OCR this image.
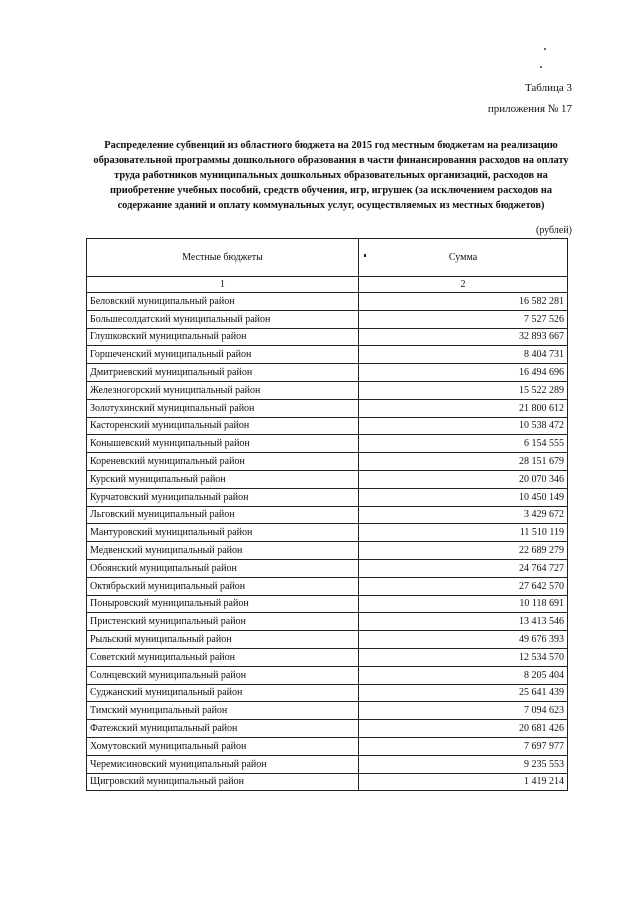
Таблица 3
приложения № 17
Распределение субвенций из областного бюджета на 2015 год местным бюджетам на реализацию образовательной программы дошкольного образования в части финансирования расходов на оплату труда работников муниципальных дошкольных образовательных организаций, расходов на приобретение учебных пособий, средств обучения, игр, игрушек (за исключением расходов на содержание зданий и оплату коммунальных услуг, осуществляемых из местных бюджетов)
(рублей)
Местные бюджеты	Сумма
1	2
Беловский муниципальный район	16 582 281
Большесолдатский муниципальный район	7 527 526
Глушковский муниципальный район	32 893 667
Горшеченский муниципальный район	8 404 731
Дмитриевский муниципальный район	16 494 696
Железногорский муниципальный район	15 522 289
Золотухинский муниципальный район	21 800 612
Касторенский муниципальный район	10 538 472
Конышевский муниципальный район	6 154 555
Кореневский муниципальный район	28 151 679
Курский муниципальный район	20 070 346
Курчатовский муниципальный район	10 450 149
Льговский муниципальный район	3 429 672
Мантуровский муниципальный район	11 510 119
Медвенский муниципальный район	22 689 279
Обоянский муниципальный район	24 764 727
Октябрьский муниципальный район	27 642 570
Поныровский муниципальный район	10 118 691
Пристенский муниципальный район	13 413 546
Рыльский муниципальный район	49 676 393
Советский муниципальный район	12 534 570
Солнцевский муниципальный район	8 205 404
Суджанский муниципальный район	25 641 439
Тимский муниципальный район	7 094 623
Фатежский муниципальный район	20 681 426
Хомутовский муниципальный район	7 697 977
Черемисиновский муниципальный район	9 235 553
Щигровский муниципальный район	1 419 214
